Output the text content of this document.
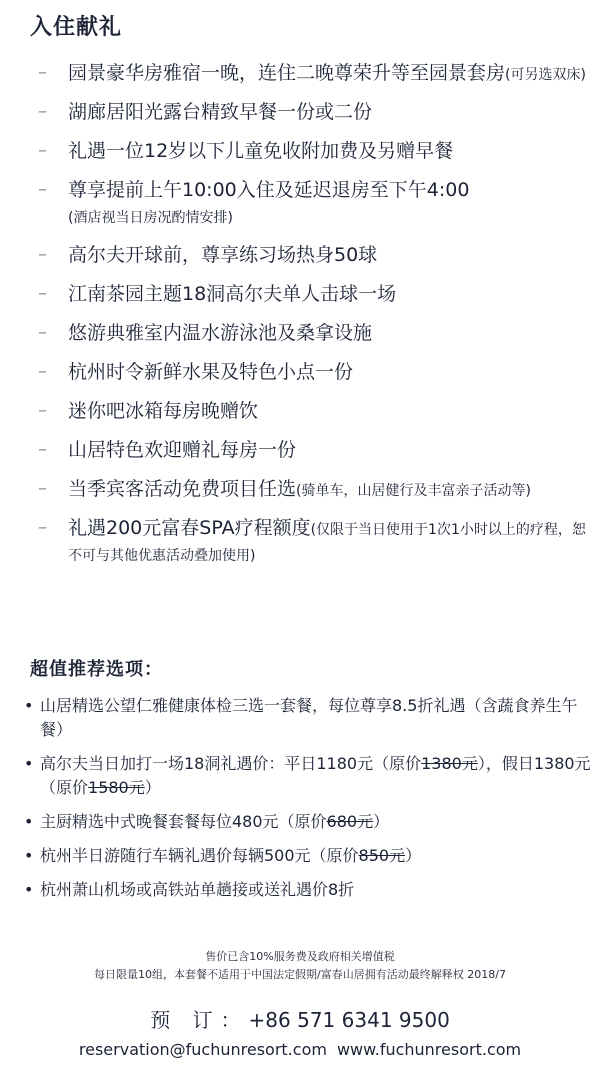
入住献礼
– 园景豪华房雅宿一晚，连住二晚尊荣升等至园景套房(可另选双床)
– 湖廊居阳光露台精致早餐一份或二份
– 礼遇一位12岁以下儿童免收附加费及另赠早餐
– 尊享提前上午10:00入住及延迟退房至下午4:00
(酒店视当日房况酌情安排)
– 高尔夫开球前，尊享练习场热身50球
– 江南茶园主题18洞高尔夫单人击球一场
– 悠游典雅室内温水游泳池及桑拿设施
– 杭州时令新鲜水果及特色小点一份
– 迷你吧冰箱每房晚赠饮
– 山居特色欢迎赠礼每房一份
– 当季宾客活动免费项目任选(骑单车，山居健行及丰富亲子活动等)
– 礼遇200元富春SPA疗程额度(仅限于当日使用于1次1小时以上的疗程，恕不可与其他优惠活动叠加使用)
超值推荐选项：
• 山居精选公望仁雅健康体检三选一套餐，每位尊享8.5折礼遇（含蔬食养生午餐）
• 高尔夫当日加打一场18洞礼遇价：平日1180元（原价1380元），假日1380元（原价1580元）
• 主厨精选中式晚餐套餐每位480元（原价680元）
• 杭州半日游随行车辆礼遇价每辆500元（原价850元）
• 杭州萧山机场或高铁站单趟接或送礼遇价8折
售价已含10%服务费及政府相关增值税
每日限量10组，本套餐不适用于中国法定假期/富春山居拥有活动最终解释权 2018/7
预 订：+86 571 6341 9500
reservation@fuchunresort.com www.fuchunresort.com
